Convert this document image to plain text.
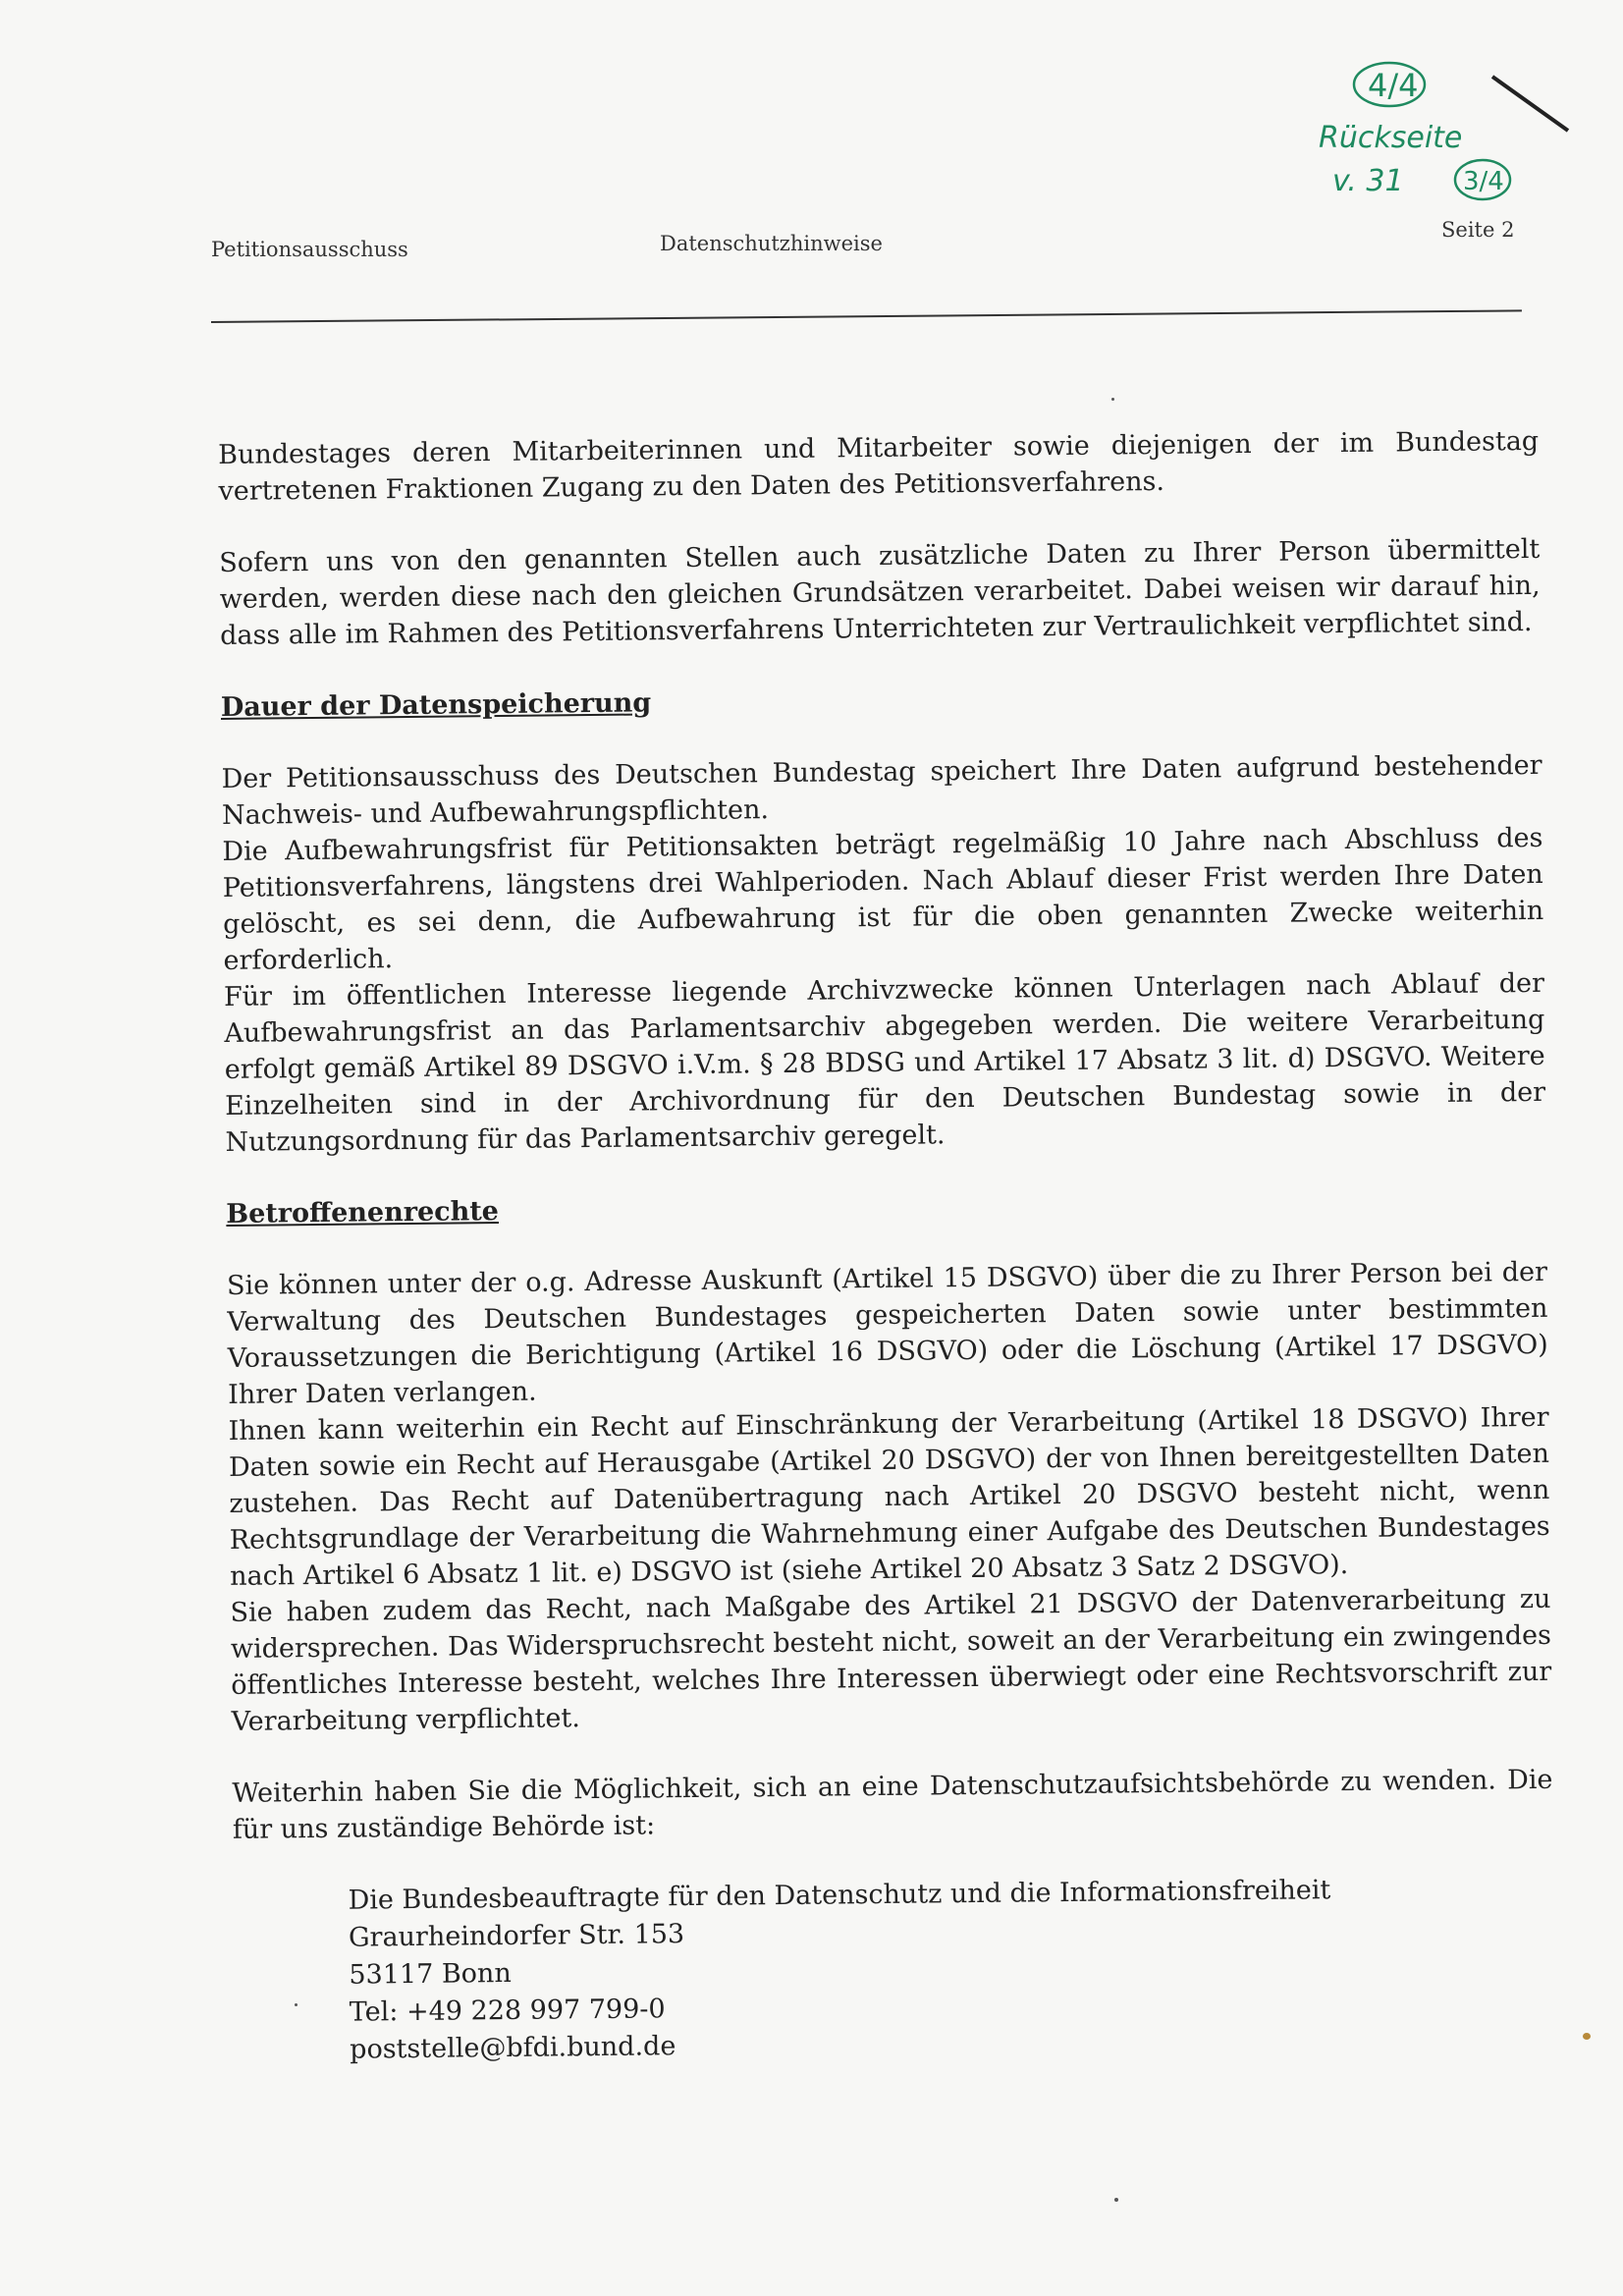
Petitionsausschuss	Datenschutzhinweise
Seite 2
4/4
Rückseite
v. 31 3/4

Bundestages deren Mitarbeiterinnen und Mitarbeiter sowie diejenigen der im Bundestag vertretenen Fraktionen Zugang zu den Daten des Petitionsverfahrens.

Sofern uns von den genannten Stellen auch zusätzliche Daten zu Ihrer Person übermittelt werden, werden diese nach den gleichen Grundsätzen verarbeitet. Dabei weisen wir darauf hin, dass alle im Rahmen des Petitionsverfahrens Unterrichteten zur Vertraulichkeit verpflichtet sind.

Dauer der Datenspeicherung

Der Petitionsausschuss des Deutschen Bundestag speichert Ihre Daten aufgrund bestehender Nachweis- und Aufbewahrungspflichten.

Die Aufbewahrungsfrist für Petitionsakten beträgt regelmäßig 10 Jahre nach Abschluss des Petitionsverfahrens, längstens drei Wahlperioden. Nach Ablauf dieser Frist werden Ihre Daten gelöscht, es sei denn, die Aufbewahrung ist für die oben genannten Zwecke weiterhin erforderlich.

Für im öffentlichen Interesse liegende Archivzwecke können Unterlagen nach Ablauf der Aufbewahrungsfrist an das Parlamentsarchiv abgegeben werden. Die weitere Verarbeitung erfolgt gemäß Artikel 89 DSGVO i.V.m. § 28 BDSG und Artikel 17 Absatz 3 lit. d) DSGVO. Weitere Einzelheiten sind in der Archivordnung für den Deutschen Bundestag sowie in der Nutzungsordnung für das Parlamentsarchiv geregelt.

Betroffenenrechte

Sie können unter der o.g. Adresse Auskunft (Artikel 15 DSGVO) über die zu Ihrer Person bei der Verwaltung des Deutschen Bundestages gespeicherten Daten sowie unter bestimmten Voraussetzungen die Berichtigung (Artikel 16 DSGVO) oder die Löschung (Artikel 17 DSGVO) Ihrer Daten verlangen.

Ihnen kann weiterhin ein Recht auf Einschränkung der Verarbeitung (Artikel 18 DSGVO) Ihrer Daten sowie ein Recht auf Herausgabe (Artikel 20 DSGVO) der von Ihnen bereitgestellten Daten zustehen. Das Recht auf Datenübertragung nach Artikel 20 DSGVO besteht nicht, wenn Rechtsgrundlage der Verarbeitung die Wahrnehmung einer Aufgabe des Deutschen Bundestages nach Artikel 6 Absatz 1 lit. e) DSGVO ist (siehe Artikel 20 Absatz 3 Satz 2 DSGVO).

Sie haben zudem das Recht, nach Maßgabe des Artikel 21 DSGVO der Datenverarbeitung zu widersprechen. Das Widerspruchsrecht besteht nicht, soweit an der Verarbeitung ein zwingendes öffentliches Interesse besteht, welches Ihre Interessen überwiegt oder eine Rechtsvorschrift zur Verarbeitung verpflichtet.

Weiterhin haben Sie die Möglichkeit, sich an eine Datenschutzaufsichtsbehörde zu wenden. Die für uns zuständige Behörde ist:

Die Bundesbeauftragte für den Datenschutz und die Informationsfreiheit
Graurheindorfer Str. 153
53117 Bonn
Tel: +49 228 997 799-0
poststelle@bfdi.bund.de
